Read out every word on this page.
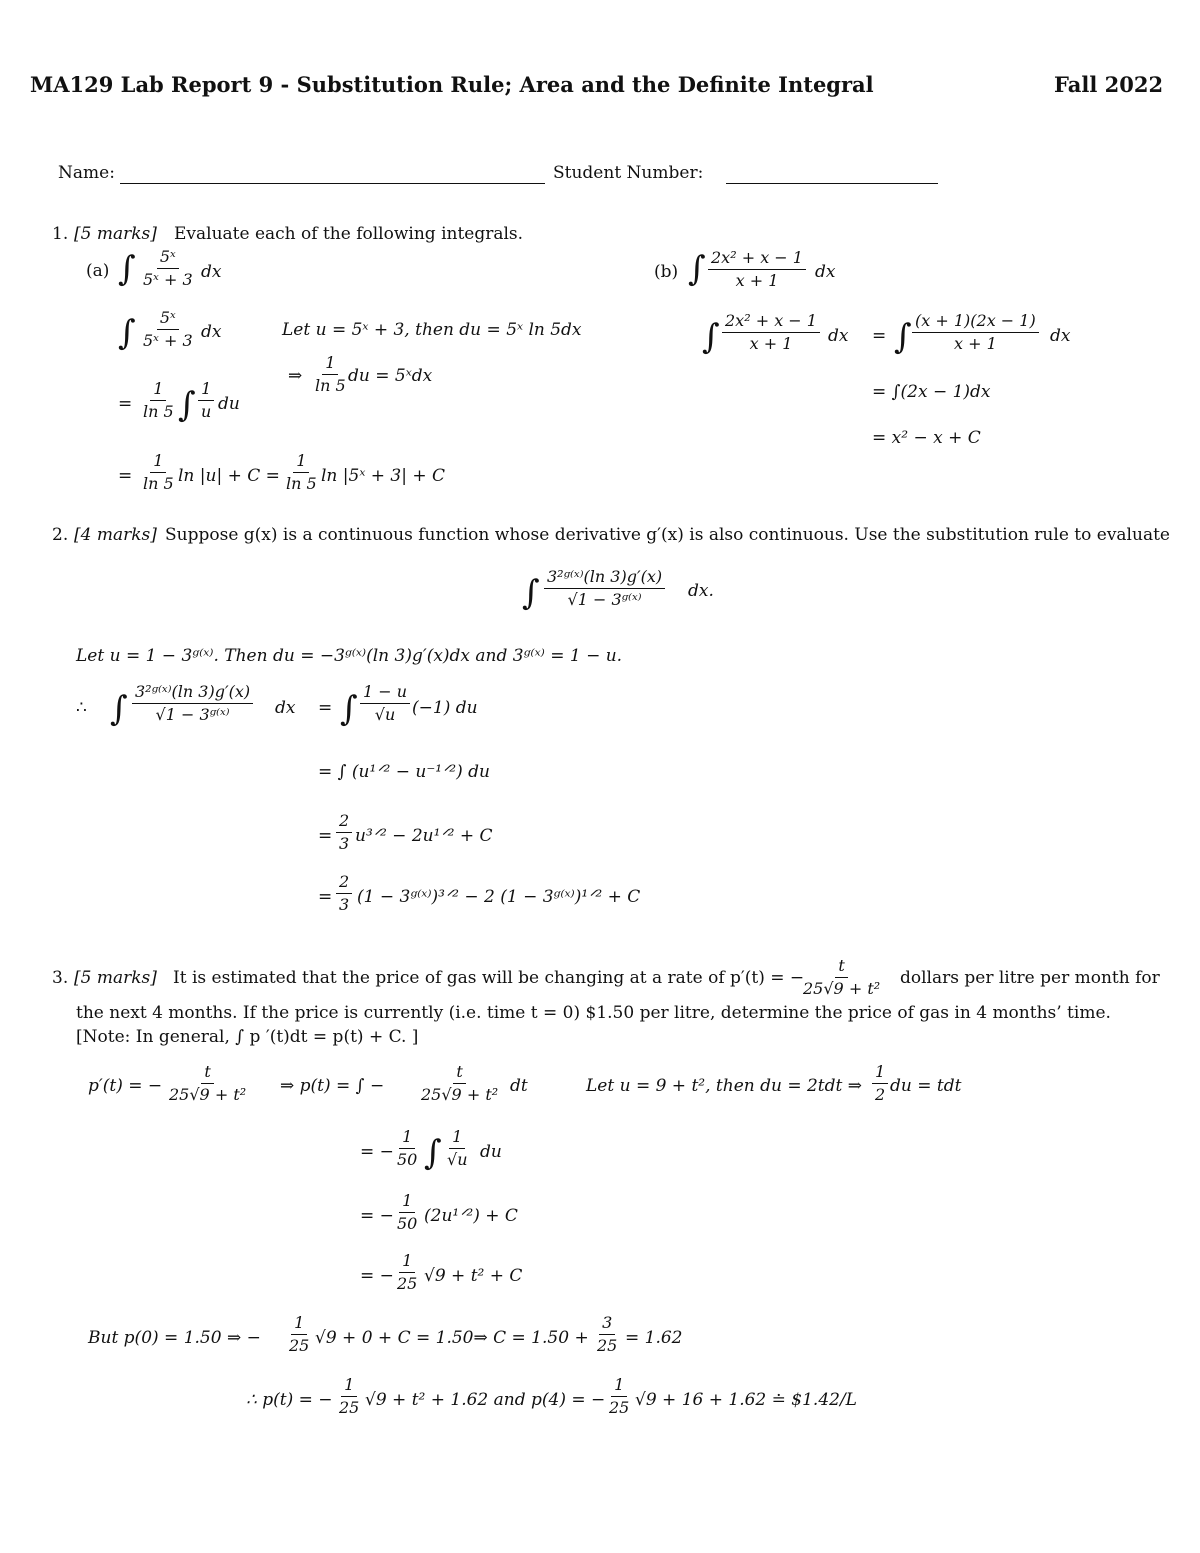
MA129 Lab Report 9 - Substitution Rule; Area and the Definite Integral	Fall 2022
Name:	Student Number:
1. [5 marks] Evaluate each of the following integrals.
(a) ∫ $\frac{\text{5ˣ}}{\text{5ˣ + 3}}$ dx
∫ $\frac{\text{5ˣ}}{\text{5ˣ + 3}}$ dx	Let u = 5ˣ + 3, then du = 5ˣ ln 5dx
⇒ $\frac{1}{\ln 5}$ du = 5ˣdx
= $\frac{1}{\ln 5}$ ∫ $\frac{1}{u}$ du
= $\frac{1}{\ln 5}$ $\ln |u| + C = \frac{1}{\ln 5}$ ln |5ˣ + 3| + C
(b) ∫ $\frac{\text{2x² + x − 1}}{x + 1}$ dx
∫ $\frac{\text{2x² + x − 1}}{x + 1}$ dx = ∫ $\frac{(x + 1)(2x - 1)}{x + 1}$ dx
= ∫(2x − 1)dx
= x² − x + C
2. [4 marks] Suppose g(x) is a continuous function whose derivative g′(x) is also continuous. Use the substitution rule to evaluate
∫ $\frac{\text{3²ᵍ⁽ˣ⁾(ln 3)g′(x)}}{\text{√1 − 3ᵍ⁽ˣ⁾}}$ dx.
Let u = 1 − 3ᵍ⁽ˣ⁾. Then du = −3ᵍ⁽ˣ⁾(ln 3)g′(x)dx and 3ᵍ⁽ˣ⁾ = 1 − u.
∴ ∫ $\frac{\text{3²ᵍ⁽ˣ⁾(ln 3)g′(x)}}{\text{√1 − 3ᵍ⁽ˣ⁾}}$ dx = ∫ $\frac{1 - u}{√u} (-1)$ du
= ∫ (u¹ᐟ² − u⁻¹ᐟ²) du
= $\frac{2}{3}$ u³ᐟ² − 2u¹ᐟ² + C
= $\frac{2}{3} (1$ − 3ᵍ⁽ˣ⁾)³ᐟ² − 2 (1 − 3ᵍ⁽ˣ⁾)¹ᐟ² + C
3. [5 marks] It is estimated that the price of gas will be changing at a rate of p′(t) = −
$\frac{t}{\text{25√9 + t²}}$ dollars per litre per month for
the next 4 months. If the price is currently (i.e. time t = 0) $1.50 per litre, determine the price of gas in 4 months’ time.
[Note: In general, ∫ p ′(t)dt = p(t) + C. ]
p′(t) = − $\frac{t}{\text{25√9 + t²}}$ ⇒ p(t) = ∫ − $\frac{t}{\text{25√9 + t²}}$ dt	Let u = 9 + t², then du = 2tdt ⇒ $\frac{1}{2}$ du = tdt
= − $\frac{1}{50}$ ∫ $\frac{1}{√u}$ du
= − $\frac{1}{50}$ (2u¹ᐟ²) + C
= − $\frac{1}{25} √9 + t^2 + C$
But p(0) = 1.50 ⇒ − $\frac{1}{25} √9 + 0 + C$ = 1.50⇒ $C = 1.50 + \frac{3}{25} = 1.62$
∴ p(t) = − $\frac{1}{25} √9 + t^2 + 1.62$ and p(4) = − $\frac{1}{25} √9 + 16 + 1.62$ ≐ $1.42/L
